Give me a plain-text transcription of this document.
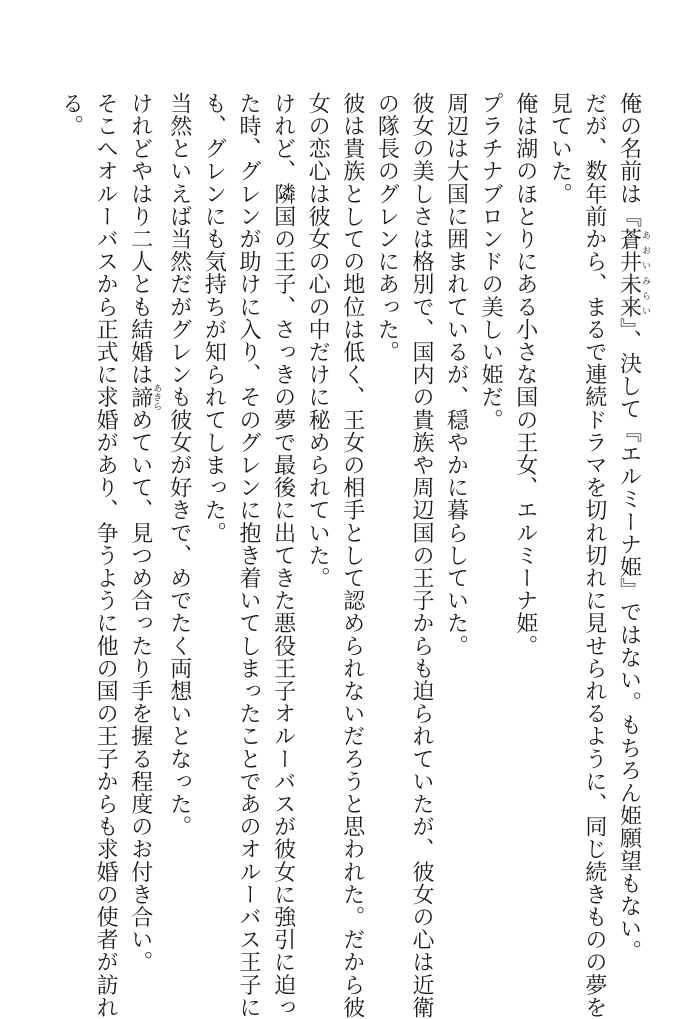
俺の名前は『蒼井未来あおいみらい』、決して『エルミーナ姫』ではない。もちろん姫願望もない。

だが、数年前から、まるで連続ドラマを切れ切れに見せられるように、同じ続きものの夢を

見ていた。

俺は湖のほとりにある小さな国の王女、エルミーナ姫。

プラチナブロンドの美しい姫だ。

周辺は大国に囲まれているが、穏やかに暮らしていた。

彼女の美しさは格別で、国内の貴族や周辺国の王子からも迫られていたが、彼女の心は近衛

の隊長のグレンにあった。

彼は貴族としての地位は低く、王女の相手として認められないだろうと思われた。だから彼

女の恋心は彼女の心の中だけに秘められていた。

けれど、隣国の王子、さっきの夢で最後に出てきた悪役王子オルーバスが彼女に強引に迫っ

た時、グレンが助けに入り、そのグレンに抱き着いてしまったことであのオルーバス王子に

も、グレンにも気持ちが知られてしまった。

当然といえば当然だがグレンも彼女が好きで、めでたく両想いとなった。

けれどやはり二人とも結婚は諦あきらめていて、見つめ合ったり手を握る程度のお付き合い。

そこへオルーバスから正式に求婚があり、争うように他の国の王子からも求婚の使者が訪れ

る。
